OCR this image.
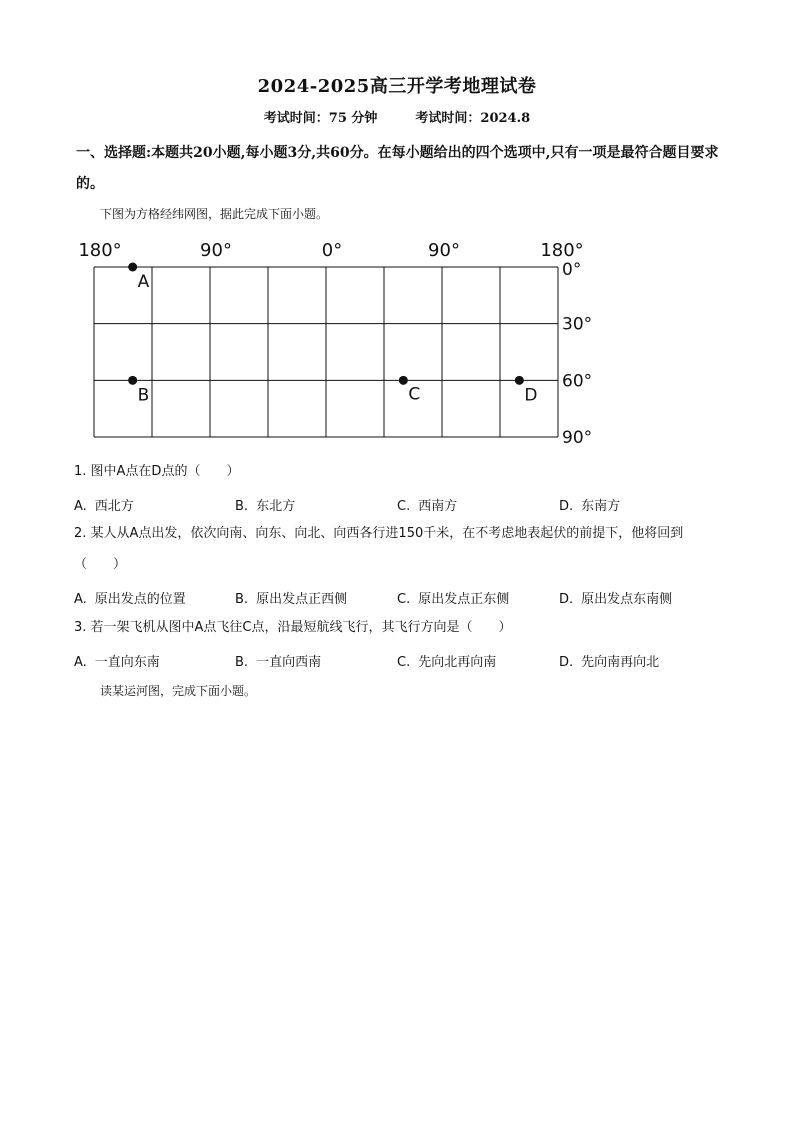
2024-2025高三开学考地理试卷
考试时间：75 分钟	考试时间：2024.8
一、选择题:本题共20小题,每小题3分,共60分。在每小题给出的四个选项中,只有一项是最符合题目要求的。
下图为方格经纬网图，据此完成下面小题。
180°	90°	0°	90°	180°
0°
30°
60°
90°
A
B	C	D
1. 图中A点在D点的（　　）
A. 西北方	B. 东北方	C. 西南方	D. 东南方
2. 某人从A点出发，依次向南、向东、向北、向西各行进150千米，在不考虑地表起伏的前提下，他将回到（　　）
A. 原出发点的位置	B. 原出发点正西侧	C. 原出发点正东侧	D. 原出发点东南侧
3. 若一架飞机从图中A点飞往C点，沿最短航线飞行，其飞行方向是（　　）
A. 一直向东南	B. 一直向西南	C. 先向北再向南	D. 先向南再向北
读某运河图，完成下面小题。
